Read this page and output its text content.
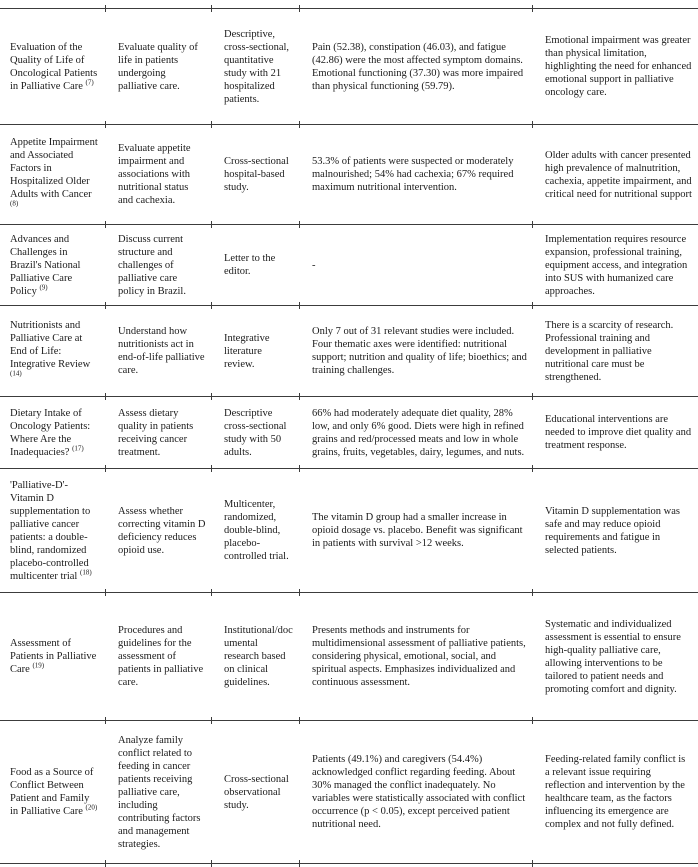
Evaluation of the Quality of Life of Oncological Patients in Palliative Care $^{(7)}$	Evaluate quality of life in patients undergoing palliative care.	Descriptive, cross-sectional, quantitative study with 21 hospitalized patients.	Pain (52.38), constipation (46.03), and fatigue (42.86) were the most affected symptom domains. Emotional functioning (37.30) was more impaired than physical functioning (59.79).	Emotional impairment was greater than physical limitation, highlighting the need for enhanced emotional support in palliative oncology care.
Appetite Impairment and Associated Factors in Hospitalized Older Adults with Cancer $^{(8)}$	Evaluate appetite impairment and associations with nutritional status and cachexia.	Cross-sectional hospital-based study.	53.3% of patients were suspected or moderately malnourished; 54% had cachexia; 67% required maximum nutritional intervention.	Older adults with cancer presented high prevalence of malnutrition, cachexia, appetite impairment, and critical need for nutritional support
Advances and Challenges in Brazil's National Palliative Care Policy $^{(9)}$	Discuss current structure and challenges of palliative care policy in Brazil.	Letter to the editor.	-	Implementation requires resource expansion, professional training, equipment access, and integration into SUS with humanized care approaches.
Nutritionists and Palliative Care at End of Life: Integrative Review $^{(14)}$	Understand how nutritionists act in end-of-life palliative care.	Integrative literature review.	Only 7 out of 31 relevant studies were included. Four thematic axes were identified: nutritional support; nutrition and quality of life; bioethics; and training challenges.	There is a scarcity of research. Professional training and development in palliative nutritional care must be strengthened.
Dietary Intake of Oncology Patients: Where Are the Inadequacies? $^{(17)}$	Assess dietary quality in patients receiving cancer treatment.	Descriptive cross-sectional study with 50 adults.	66% had moderately adequate diet quality, 28% low, and only 6% good. Diets were high in refined grains and red/processed meats and low in whole grains, fruits, vegetables, dairy, legumes, and nuts.	Educational interventions are needed to improve diet quality and treatment response.
'Palliative-D'- Vitamin D supplementation to palliative cancer patients: a double-blind, randomized placebo-controlled multicenter trial $^{(18)}$	Assess whether correcting vitamin D deficiency reduces opioid use.	Multicenter, randomized, double-blind, placebo-controlled trial.	The vitamin D group had a smaller increase in opioid dosage vs. placebo. Benefit was significant in patients with survival >12 weeks.	Vitamin D supplementation was safe and may reduce opioid requirements and fatigue in selected patients.
Assessment of Patients in Palliative Care $^{(19)}$	Procedures and guidelines for the assessment of patients in palliative care.	Institutional/documental research based on clinical guidelines.	Presents methods and instruments for multidimensional assessment of palliative patients, considering physical, emotional, social, and spiritual aspects. Emphasizes individualized and continuous assessment.	Systematic and individualized assessment is essential to ensure high-quality palliative care, allowing interventions to be tailored to patient needs and promoting comfort and dignity.
Food as a Source of Conflict Between Patient and Family in Palliative Care $^{(20)}$	Analyze family conflict related to feeding in cancer patients receiving palliative care, including contributing factors and management strategies.	Cross-sectional observational study.	Patients (49.1%) and caregivers (54.4%) acknowledged conflict regarding feeding. About 30% managed the conflict inadequately. No variables were statistically associated with conflict occurrence (p < 0.05), except perceived patient nutritional need.	Feeding-related family conflict is a relevant issue requiring reflection and intervention by the healthcare team, as the factors influencing its emergence are complex and not fully defined.
